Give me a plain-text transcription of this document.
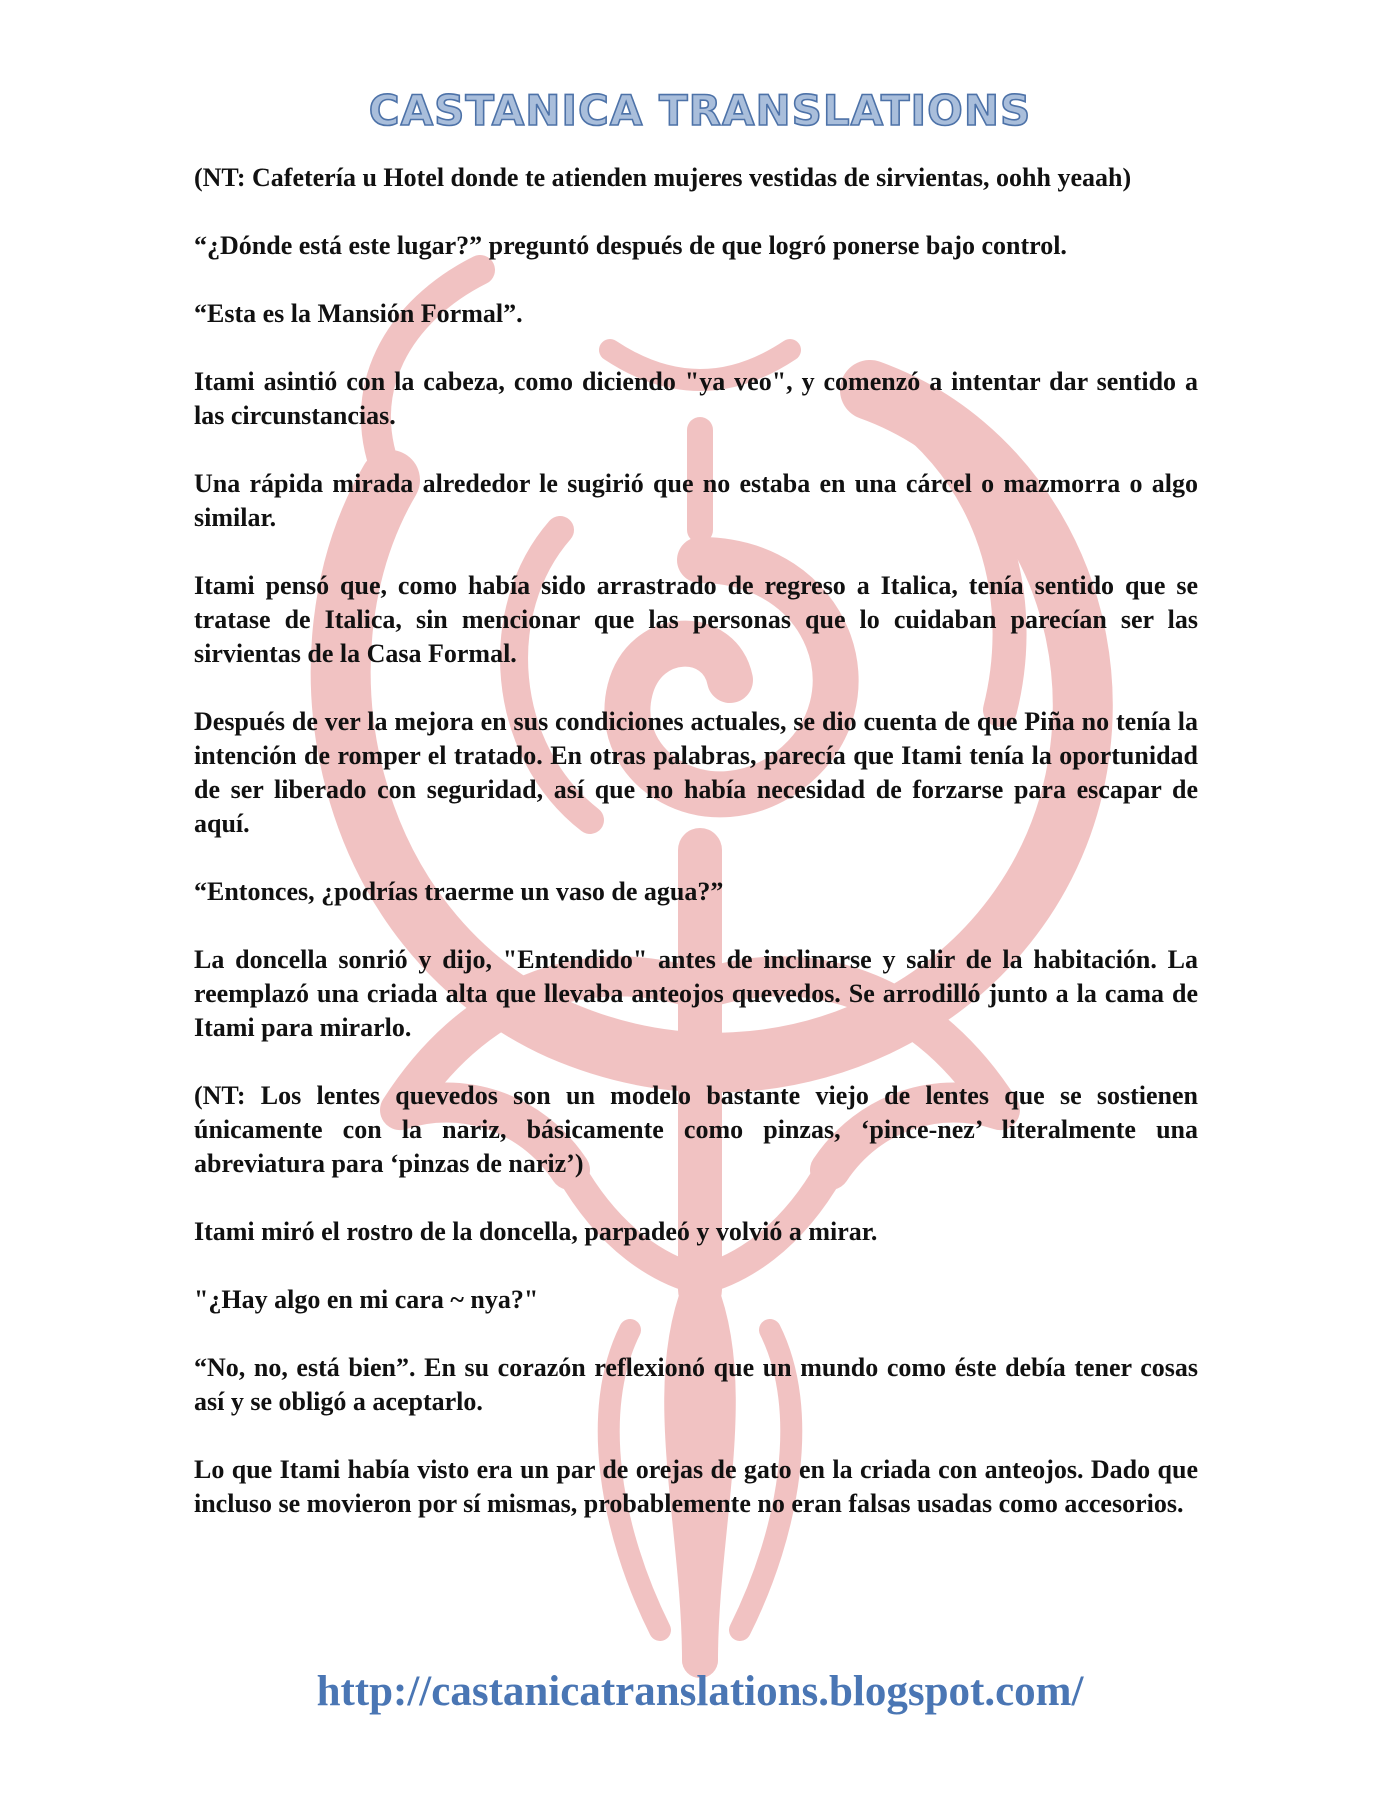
CASTANICA TRANSLATIONS

(NT: Cafetería u Hotel donde te atienden mujeres vestidas de sirvientas, oohh yeaah)

“¿Dónde está este lugar?” preguntó después de que logró ponerse bajo control.

“Esta es la Mansión Formal”.

Itami asintió con la cabeza, como diciendo "ya veo", y comenzó a intentar dar sentido a las circunstancias.

Una rápida mirada alrededor le sugirió que no estaba en una cárcel o mazmorra o algo similar.

Itami pensó que, como había sido arrastrado de regreso a Italica, tenía sentido que se tratase de Italica, sin mencionar que las personas que lo cuidaban parecían ser las sirvientas de la Casa Formal.

Después de ver la mejora en sus condiciones actuales, se dio cuenta de que Piña no tenía la intención de romper el tratado. En otras palabras, parecía que Itami tenía la oportunidad de ser liberado con seguridad, así que no había necesidad de forzarse para escapar de aquí.

“Entonces, ¿podrías traerme un vaso de agua?”

La doncella sonrió y dijo, "Entendido" antes de inclinarse y salir de la habitación. La reemplazó una criada alta que llevaba anteojos quevedos. Se arrodilló junto a la cama de Itami para mirarlo.

(NT: Los lentes quevedos son un modelo bastante viejo de lentes que se sostienen únicamente con la nariz, básicamente como pinzas, ‘pince-nez’ literalmente una abreviatura para ‘pinzas de nariz’)

Itami miró el rostro de la doncella, parpadeó y volvió a mirar.

"¿Hay algo en mi cara ~ nya?"

“No, no, está bien”. En su corazón reflexionó que un mundo como éste debía tener cosas así y se obligó a aceptarlo.

Lo que Itami había visto era un par de orejas de gato en la criada con anteojos. Dado que incluso se movieron por sí mismas, probablemente no eran falsas usadas como accesorios.

http://castanicatranslations.blogspot.com/
